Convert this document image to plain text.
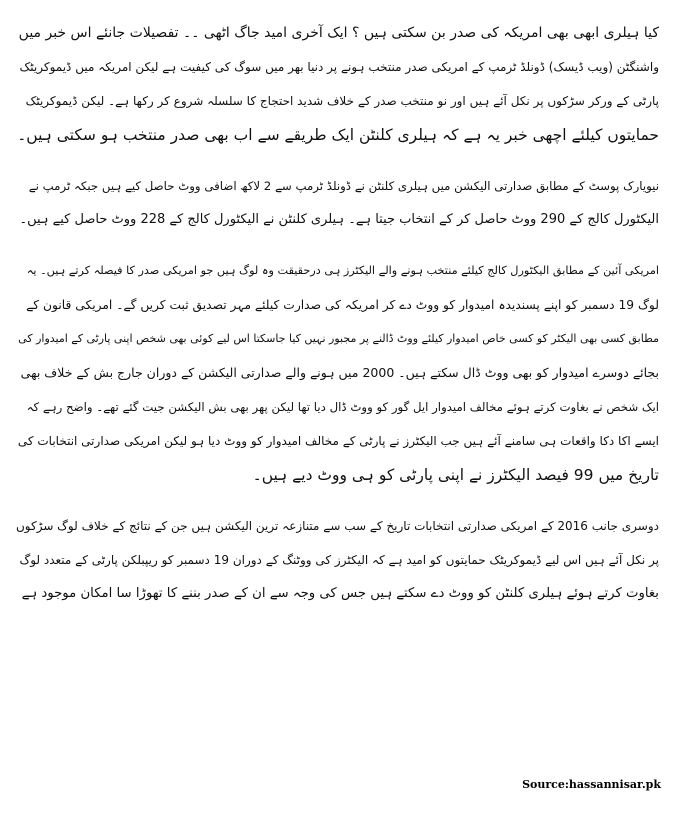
کیا ہیلری ابھی بھی امریکہ کی صدر بن سکتی ہیں ؟ ایک آخری امید جاگ اٹھی ۔۔ تفصیلات جانئے اس خبر میں
واشنگٹن (ویب ڈیسک) ڈونلڈ ٹرمپ کے امریکی صدر منتخب ہونے پر دنیا بھر میں سوگ کی کیفیت ہے لیکن امریکہ میں ڈیموکریٹک
پارٹی کے ورکر سڑکوں پر نکل آئے ہیں اور نو منتخب صدر کے خلاف شدید احتجاج کا سلسلہ شروع کر رکھا ہے۔ لیکن ڈیموکریٹک
حمایتوں کیلئے اچھی خبر یہ ہے کہ ہیلری کلنٹن ایک طریقے سے اب بھی صدر منتخب ہو سکتی ہیں۔
نیویارک پوسٹ کے مطابق صدارتی الیکشن میں ہیلری کلنٹن نے ڈونلڈ ٹرمپ سے 2 لاکھ اضافی ووٹ حاصل کیے ہیں جبکہ ٹرمپ نے
الیکٹورل کالج کے 290 ووٹ حاصل کر کے انتخاب جیتا ہے۔ ہیلری کلنٹن نے الیکٹورل کالج کے 228 ووٹ حاصل کیے ہیں۔
امریکی آئین کے مطابق الیکٹورل کالج کیلئے منتخب ہونے والے الیکٹرز ہی درحقیقت وہ لوگ ہیں جو امریکی صدر کا فیصلہ کرتے ہیں۔ یہ
لوگ 19 دسمبر کو اپنے پسندیدہ امیدوار کو ووٹ دے کر امریکہ کی صدارت کیلئے مہر تصدیق ثبت کریں گے۔ امریکی قانون کے
مطابق کسی بھی الیکٹر کو کسی خاص امیدوار کیلئے ووٹ ڈالنے پر مجبور نہیں کیا جاسکتا اس لیے کوئی بھی شخص اپنی پارٹی کے امیدوار کی
بجائے دوسرے امیدوار کو بھی ووٹ ڈال سکتے ہیں۔ 2000 میں ہونے والے صدارتی الیکشن کے دوران جارج بش کے خلاف بھی
ایک شخص نے بغاوت کرتے ہوئے مخالف امیدوار ایل گور کو ووٹ ڈال دیا تھا لیکن پھر بھی بش الیکشن جیت گئے تھے۔ واضح رہے کہ
ایسے اکا دکا واقعات ہی سامنے آئے ہیں جب الیکٹرز نے پارٹی کے مخالف امیدوار کو ووٹ دیا ہو لیکن امریکی صدارتی انتخابات کی
تاریخ میں 99 فیصد الیکٹرز نے اپنی پارٹی کو ہی ووٹ دیے ہیں۔
دوسری جانب 2016 کے امریکی صدارتی انتخابات تاریخ کے سب سے متنازعہ ترین الیکشن ہیں جن کے نتائج کے خلاف لوگ سڑکوں
پر نکل آئے ہیں اس لیے ڈیموکریٹک حمایتوں کو امید ہے کہ الیکٹرز کی ووٹنگ کے دوران 19 دسمبر کو ریپبلکن پارٹی کے متعدد لوگ
بغاوت کرتے ہوئے ہیلری کلنٹن کو ووٹ دے سکتے ہیں جس کی وجہ سے ان کے صدر بننے کا تھوڑا سا امکان موجود ہے
Source:hassannisar.pk
